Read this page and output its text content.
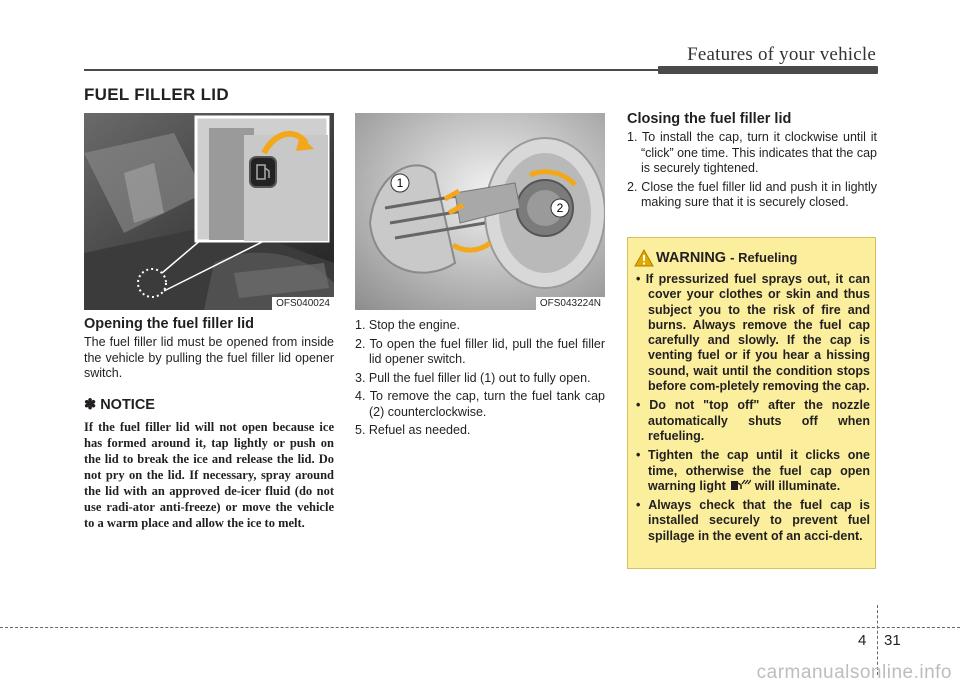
Features of your vehicle
FUEL FILLER LID
OFS040024
1
2
OFS043224N
Opening the fuel filler lid
The fuel filler lid must be opened from inside the vehicle by pulling the fuel filler lid opener switch.
✽ NOTICE
If the fuel filler lid will not open because ice has formed around it, tap lightly or push on the lid to break the ice and release the lid. Do not pry on the lid. If necessary, spray around the lid with an approved de-icer fluid (do not use radi-ator anti-freeze) or move the vehicle to a warm place and allow the ice to melt.
1. Stop the engine.
2. To open the fuel filler lid, pull the fuel filler lid opener switch.
3. Pull the fuel filler lid (1) out to fully open.
4. To remove the cap, turn the fuel tank cap (2) counterclockwise.
5. Refuel as needed.
Closing the fuel filler lid
1. To install the cap, turn it clockwise until it “click” one time. This indicates that the cap is securely tightened.
2. Close the fuel filler lid and push it in lightly making sure that it is securely closed.
WARNING - Refueling
• If pressurized fuel sprays out, it can cover your clothes or skin and thus subject you to the risk of fire and burns. Always remove the fuel cap carefully and slowly. If the cap is venting fuel or if you hear a hissing sound, wait until the condition stops before com-pletely removing the cap.
• Do not "top off" after the nozzle automatically shuts off when refueling.
• Tighten the cap until it clicks one time, otherwise the fuel cap open warning light will illuminate.
• Always check that the fuel cap is installed securely to prevent fuel spillage in the event of an acci-dent.
4 31
carmanualsonline.info
